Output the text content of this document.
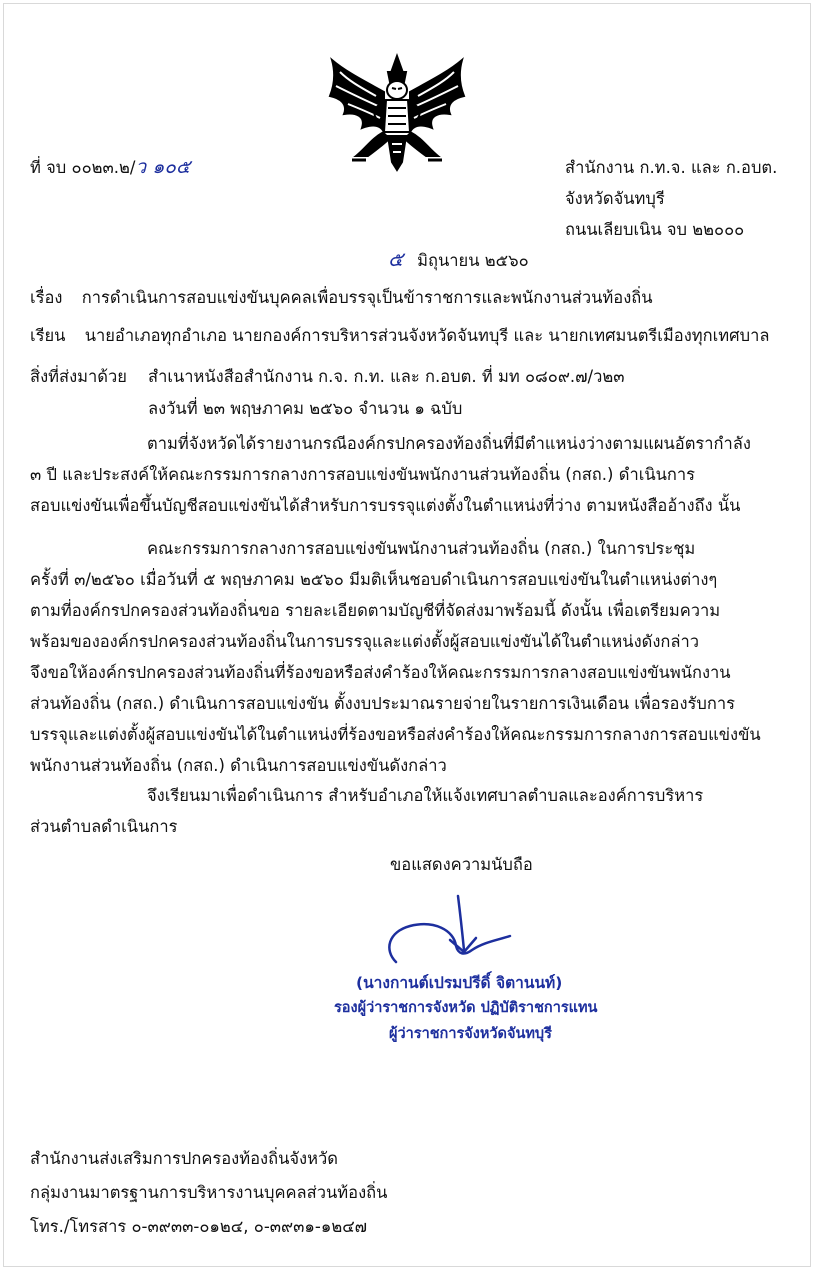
ที่ จบ ๐๐๒๓.๒/ว ๑๐๕	สำนักงาน ก.ท.จ. และ ก.อบต.
จังหวัดจันทบุรี
ถนนเลียบเนิน จบ ๒๒๐๐๐
๕ มิถุนายน ๒๕๖๐
เรื่อง การดำเนินการสอบแข่งขันบุคคลเพื่อบรรจุเป็นข้าราชการและพนักงานส่วนท้องถิ่น
เรียน นายอำเภอทุกอำเภอ นายกองค์การบริหารส่วนจังหวัดจันทบุรี และ นายกเทศมนตรีเมืองทุกเทศบาล
สิ่งที่ส่งมาด้วย สำเนาหนังสือสำนักงาน ก.จ. ก.ท. และ ก.อบต. ที่ มท ๐๘๐๙.๗/ว๒๓
ลงวันที่ ๒๓ พฤษภาคม ๒๕๖๐ จำนวน ๑ ฉบับ
ตามที่จังหวัดได้รายงานกรณีองค์กรปกครองท้องถิ่นที่มีตำแหน่งว่างตามแผนอัตรากำลัง
๓ ปี และประสงค์ให้คณะกรรมการกลางการสอบแข่งขันพนักงานส่วนท้องถิ่น (กสถ.) ดำเนินการ
สอบแข่งขันเพื่อขึ้นบัญชีสอบแข่งขันได้สำหรับการบรรจุแต่งตั้งในตำแหน่งที่ว่าง ตามหนังสืออ้างถึง นั้น
คณะกรรมการกลางการสอบแข่งขันพนักงานส่วนท้องถิ่น (กสถ.) ในการประชุม
ครั้งที่ ๓/๒๕๖๐ เมื่อวันที่ ๕ พฤษภาคม ๒๕๖๐ มีมติเห็นชอบดำเนินการสอบแข่งขันในตำแหน่งต่างๆ
ตามที่องค์กรปกครองส่วนท้องถิ่นขอ รายละเอียดตามบัญชีที่จัดส่งมาพร้อมนี้ ดังนั้น เพื่อเตรียมความ
พร้อมขององค์กรปกครองส่วนท้องถิ่นในการบรรจุและแต่งตั้งผู้สอบแข่งขันได้ในตำแหน่งดังกล่าว
จึงขอให้องค์กรปกครองส่วนท้องถิ่นที่ร้องขอหรือส่งคำร้องให้คณะกรรมการกลางสอบแข่งขันพนักงาน
ส่วนท้องถิ่น (กสถ.) ดำเนินการสอบแข่งขัน ตั้งงบประมาณรายจ่ายในรายการเงินเดือน เพื่อรองรับการ
บรรจุและแต่งตั้งผู้สอบแข่งขันได้ในตำแหน่งที่ร้องขอหรือส่งคำร้องให้คณะกรรมการกลางการสอบแข่งขัน
พนักงานส่วนท้องถิ่น (กสถ.) ดำเนินการสอบแข่งขันดังกล่าว
จึงเรียนมาเพื่อดำเนินการ สำหรับอำเภอให้แจ้งเทศบาลตำบลและองค์การบริหาร
ส่วนตำบลดำเนินการ
ขอแสดงความนับถือ
(นางกานต์เปรมปรีดิ์ จิตานนท์)
รองผู้ว่าราชการจังหวัด ปฏิบัติราชการแทน
ผู้ว่าราชการจังหวัดจันทบุรี
สำนักงานส่งเสริมการปกครองท้องถิ่นจังหวัด
กลุ่มงานมาตรฐานการบริหารงานบุคคลส่วนท้องถิ่น
โทร./โทรสาร ๐-๓๙๓๓-๐๑๒๔, ๐-๓๙๓๑-๑๒๔๗
